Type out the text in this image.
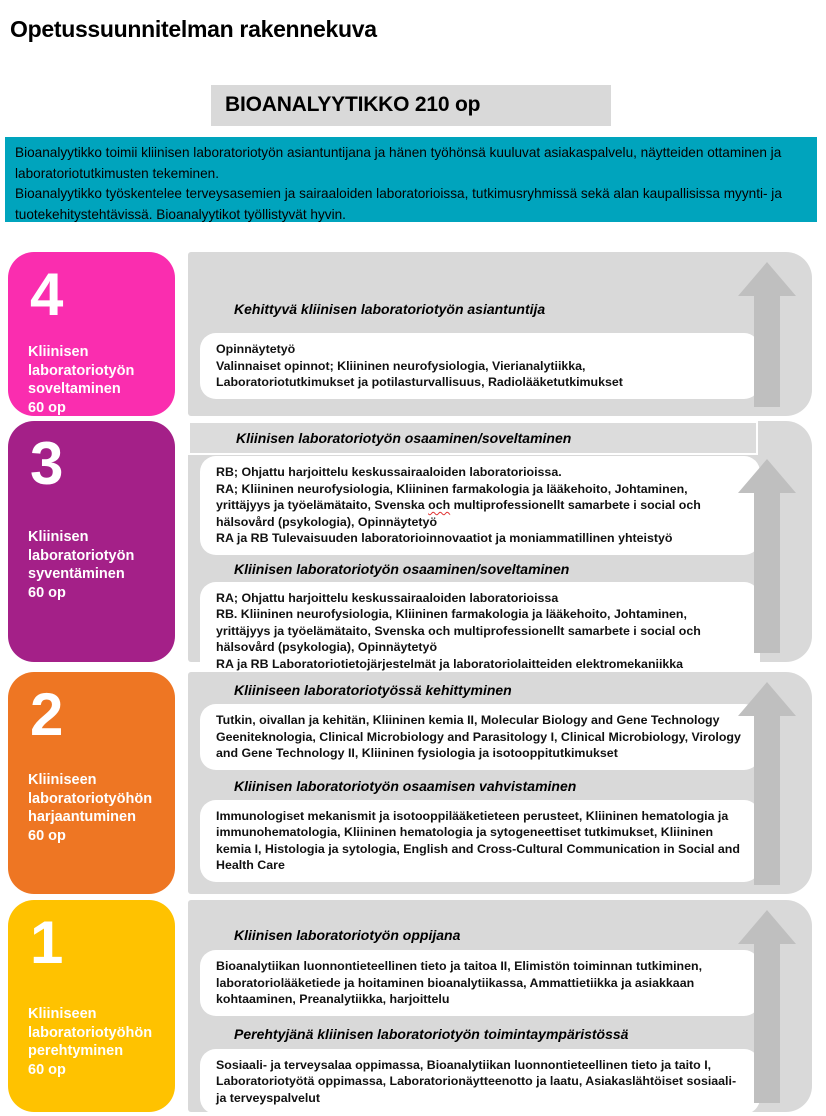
Opetussuunnitelman rakennekuva
BIOANALYYTIKKO 210 op
Bioanalyytikko toimii kliinisen laboratoriotyön asiantuntijana ja hänen työhönsä kuuluvat asiakaspalvelu, näytteiden ottaminen ja laboratoriotutkimusten tekeminen.
Bioanalyytikko työskentelee terveysasemien ja sairaaloiden laboratorioissa, tutkimusryhmissä sekä alan kaupallisissa myynti- ja tuotekehitystehtävissä. Bioanalyytikot työllistyvät hyvin.
4
Kliinisen
laboratoriotyön
soveltaminen
60 op
Kehittyvä kliinisen laboratoriotyön asiantuntija
Opinnäytetyö
Valinnaiset opinnot; Kliininen neurofysiologia, Vierianalytiikka,
Laboratoriotutkimukset ja potilasturvallisuus, Radiolääketutkimukset
3
Kliinisen
laboratoriotyön
syventäminen
60 op
Kliinisen laboratoriotyön osaaminen/soveltaminen
RB; Ohjattu harjoittelu keskussairaaloiden laboratorioissa.
RA; Kliininen neurofysiologia, Kliininen farmakologia ja lääkehoito, Johtaminen, yrittäjyys ja työelämätaito, Svenska och multiprofessionellt samarbete i social och hälsovård (psykologia), Opinnäytetyö
RA ja RB Tulevaisuuden laboratorioinnovaatiot ja moniammatillinen yhteistyö
Kliinisen laboratoriotyön osaaminen/soveltaminen
RA; Ohjattu harjoittelu keskussairaaloiden laboratorioissa
RB. Kliininen neurofysiologia, Kliininen farmakologia ja lääkehoito, Johtaminen, yrittäjyys ja työelämätaito, Svenska och multiprofessionellt samarbete i social och hälsovård (psykologia), Opinnäytetyö
RA ja RB Laboratoriotietojärjestelmät ja laboratoriolaitteiden elektromekaniikka
2
Kliiniseen
laboratoriotyöhön
harjaantuminen
60 op
Kliiniseen laboratoriotyössä kehittyminen
Tutkin, oivallan ja kehitän, Kliininen kemia II, Molecular Biology and Gene Technology Geeniteknologia, Clinical Microbiology and Parasitology I, Clinical Microbiology, Virology and Gene Technology II, Kliininen fysiologia ja isotooppitutkimukset
Kliinisen laboratoriotyön osaamisen vahvistaminen
Immunologiset mekanismit ja isotooppilääketieteen perusteet, Kliininen hematologia ja immunohematologia, Kliininen hematologia ja sytogeneettiset tutkimukset, Kliininen kemia I, Histologia ja sytologia, English and Cross-Cultural Communication in Social and Health Care
1
Kliiniseen
laboratoriotyöhön
perehtyminen
60 op
Kliinisen laboratoriotyön oppijana
Bioanalytiikan luonnontieteellinen tieto ja taitoa II, Elimistön toiminnan tutkiminen, laboratoriolääketiede ja hoitaminen bioanalytiikassa, Ammattietiikka ja asiakkaan kohtaaminen, Preanalytiikka, harjoittelu
Perehtyjänä kliinisen laboratoriotyön toimintaympäristössä
Sosiaali- ja terveysalaa oppimassa, Bioanalytiikan luonnontieteellinen tieto ja taito I, Laboratoriotyötä oppimassa, Laboratorionäytteenotto ja laatu, Asiakaslähtöiset sosiaali- ja terveyspalvelut
